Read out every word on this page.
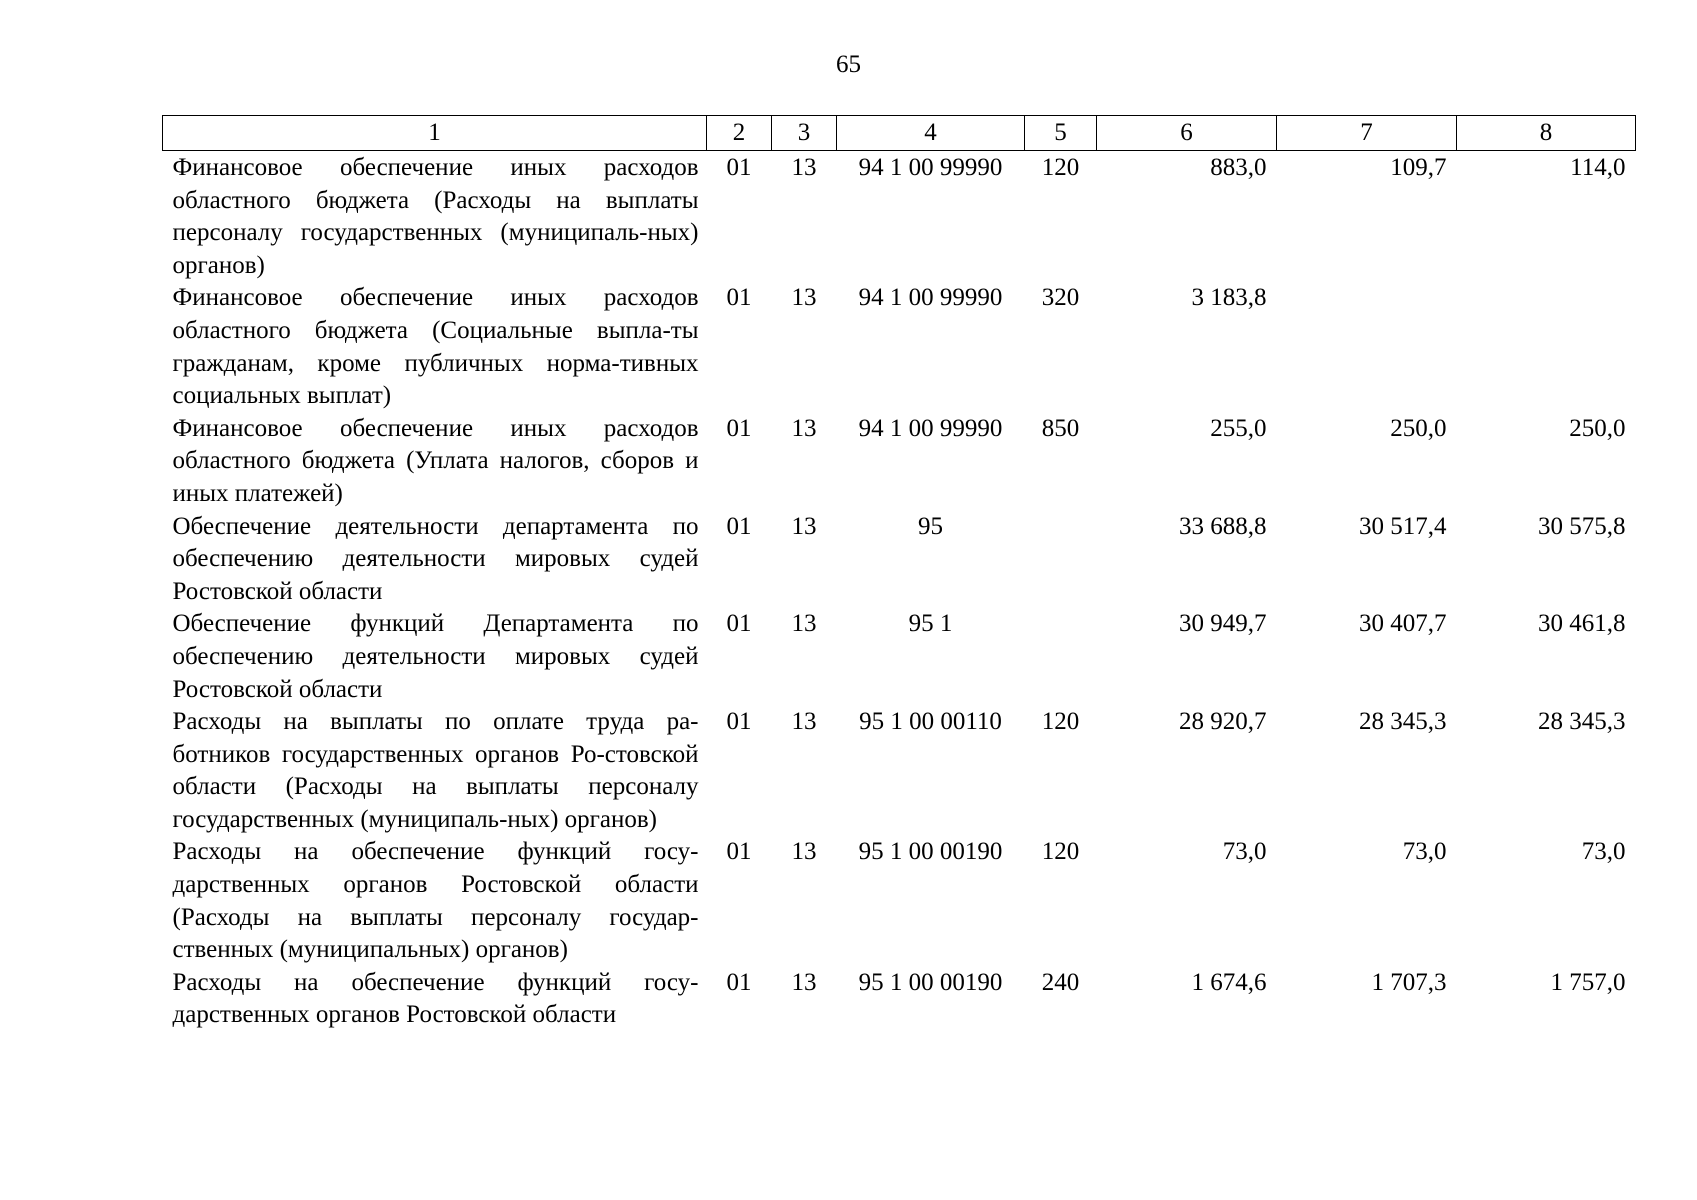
65
1	2	3	4	5	6	7	8
Финансовое обеспечение иных расходов областного бюджета (Расходы на выплаты персоналу государственных (муниципаль-ных) органов)	01	13	94 1 00 99990	120	883,0	109,7	114,0
Финансовое обеспечение иных расходов областного бюджета (Социальные выпла-ты гражданам, кроме публичных норма-тивных социальных выплат)	01	13	94 1 00 99990	320	3 183,8		
Финансовое обеспечение иных расходов областного бюджета (Уплата налогов, сборов и иных платежей)	01	13	94 1 00 99990	850	255,0	250,0	250,0
Обеспечение деятельности департамента по обеспечению деятельности мировых судей Ростовской области	01	13	95		33 688,8	30 517,4	30 575,8
Обеспечение функций Департамента по обеспечению деятельности мировых судей Ростовской области	01	13	95 1		30 949,7	30 407,7	30 461,8
Расходы на выплаты по оплате труда ра-ботников государственных органов Ро-стовской области (Расходы на выплаты персоналу государственных (муниципаль-ных) органов)	01	13	95 1 00 00110	120	28 920,7	28 345,3	28 345,3
Расходы на обеспечение функций госу-дарственных органов Ростовской области (Расходы на выплаты персоналу государ-ственных (муниципальных) органов)	01	13	95 1 00 00190	120	73,0	73,0	73,0
Расходы на обеспечение функций госу-дарственных органов Ростовской области	01	13	95 1 00 00190	240	1 674,6	1 707,3	1 757,0
